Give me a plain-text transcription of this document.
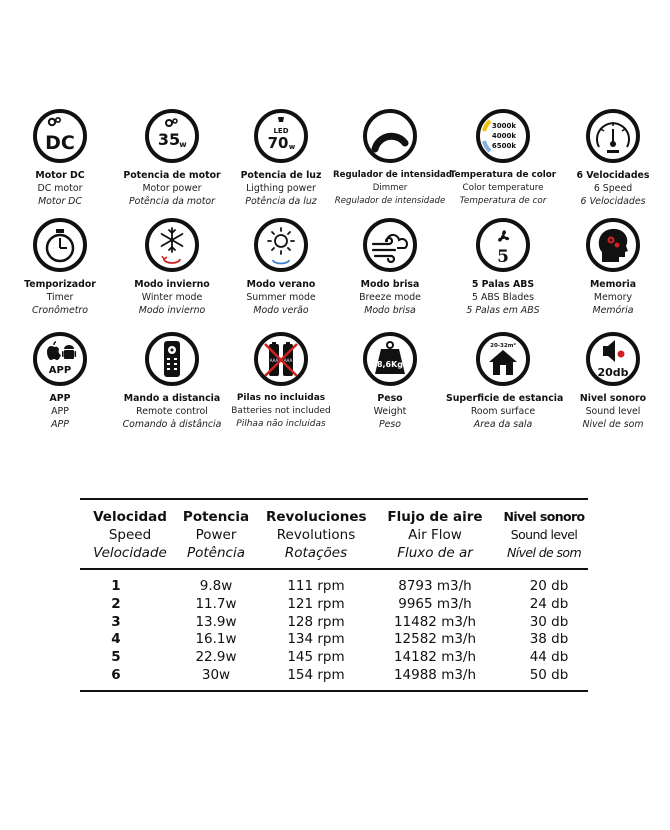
DC
Motor DC
DC motor
Motor DC
35 w
Potencia de motor
Motor power
Potência da motor
LED
70 w
Potencia de luz
Ligthing power
Potência da luz
Regulador de intensidad
Dimmer
Regulador de intensidade
3000k
4000k
6500k
Temperatura de color
Color temperature
Temperatura de cor
6 Velocidades
6 Speed
6 Velocidades
Temporizador
Timer
Cronômetro
Modo invierno
Winter mode
Modo invierno
Modo verano
Summer mode
Modo verão
Modo brisa
Breeze mode
Modo brisa
5
5 Palas ABS
5 ABS Blades
5 Palas em ABS
Memoria
Memory
Memória
APP
APP
APP
APP
Mando a distancia
Remote control
Comando à distância
AAA AAA
Pilas no incluidas
Batteries not included
Pilhaa não incluidas
8,6Kg
Peso
Weight
Peso
20-32m²
Superficie de estancia
Room surface
Area da sala
20db
Nivel sonoro
Sound level
Nivel de som
Velocidad
Speed
Velocidade
Potencia
Power
Potência
Revoluciones
Revolutions
Rotações
Flujo de aire
Air Flow
Fluxo de ar
Nivel sonoro
Sound level
Nível de som
1
2
3
4
5
6
9.8w
11.7w
13.9w
16.1w
22.9w
30w
111 rpm
121 rpm
128 rpm
134 rpm
145 rpm
154 rpm
8793 m3/h
9965 m3/h
11482 m3/h
12582 m3/h
14182 m3/h
14988 m3/h
20 db
24 db
30 db
38 db
44 db
50 db
